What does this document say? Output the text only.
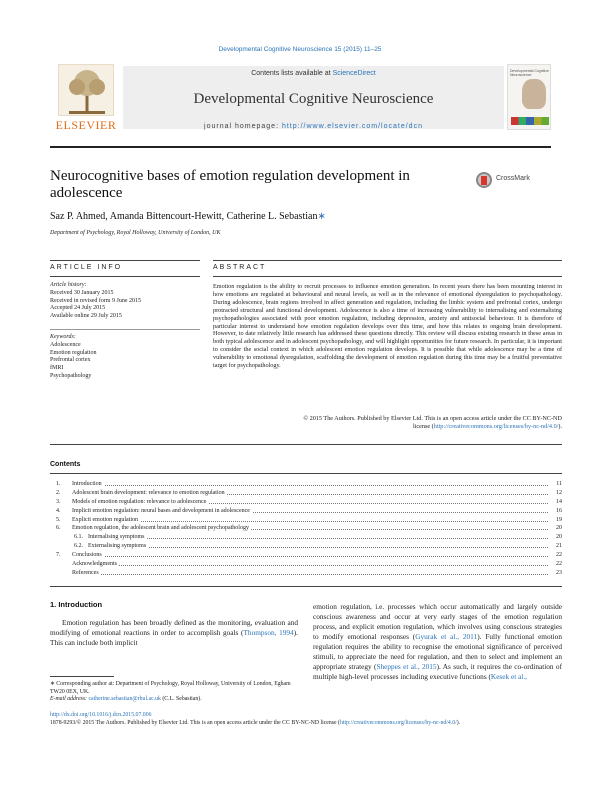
Developmental Cognitive Neuroscience 15 (2015) 11–25
ELSEVIER
Contents lists available at ScienceDirect
Developmental Cognitive Neuroscience
journal homepage: http://www.elsevier.com/locate/dcn
Developmental Cognitive Neuroscience
Neurocognitive bases of emotion regulation development in adolescence
CrossMark
Saz P. Ahmed, Amanda Bittencourt-Hewitt, Catherine L. Sebastian∗
Department of Psychology, Royal Holloway, University of London, UK
ARTICLE INFO	ABSTRACT
Article history:
Received 30 January 2015
Received in revised form 9 June 2015
Accepted 24 July 2015
Available online 29 July 2015
Keywords:
Adolescence
Emotion regulation
Prefrontal cortex
fMRI
Psychopathology
Emotion regulation is the ability to recruit processes to influence emotion generation. In recent years there has been mounting interest in how emotions are regulated at behavioural and neural levels, as well as in the relevance of emotional dysregulation to psychopathology. During adolescence, brain regions involved in affect generation and regulation, including the limbic system and prefrontal cortex, undergo protracted structural and functional development. Adolescence is also a time of increasing vulnerability to internalising and externalising psychopathologies associated with poor emotion regulation, including depression, anxiety and antisocial behaviour. It is therefore of particular interest to understand how emotion regulation develops over this time, and how this relates to ongoing brain development. However, to date relatively little research has addressed these questions directly. This review will discuss existing research in these areas in both typical adolescence and in adolescent psychopathology, and will highlight opportunities for future research. In particular, it is important to consider the social context in which adolescent emotion regulation develops. It is possible that while adolescence may be a time of vulnerability to emotional dysregulation, scaffolding the development of emotion regulation during this time may be a fruitful preventative target for psychopathology.
© 2015 The Authors. Published by Elsevier Ltd. This is an open access article under the CC BY-NC-ND
license (http://creativecommons.org/licenses/by-nc-nd/4.0/).
Contents
1. Introduction	11
2. Adolescent brain development: relevance to emotion regulation	12
3. Models of emotion regulation: relevance to adolescence	14
4. Implicit emotion regulation: neural bases and development in adolescence	16
5. Explicit emotion regulation	19
6. Emotion regulation, the adolescent brain and adolescent psychopathology	20
6.1. Internalising symptoms	20
6.2. Externalising symptoms	21
7. Conclusions	22
Acknowledgments	22
References	23
1. Introduction
Emotion regulation has been broadly defined as the monitoring, evaluation and modifying of emotional reactions in order to accomplish goals (Thompson, 1994). This can include both implicit
emotion regulation, i.e. processes which occur automatically and largely outside conscious awareness and occur at very early stages of the emotion regulation process, and explicit emotion regulation, which involves using conscious strategies to modify emotional responses (Gyurak et al., 2011). Fully functional emotion regulation requires the ability to recognise the emotional significance of perceived stimuli, to appreciate the need for regulation, and then to select and implement an appropriate strategy (Sheppes et al., 2015). As such, it requires the co-ordination of multiple high-level processes including executive functions (Kesek et al.,
∗ Corresponding author at: Department of Psychology, Royal Holloway, University of London, Egham TW20 0EX, UK.
E-mail address: catherine.sebastian@rhul.ac.uk (C.L. Sebastian).
http://dx.doi.org/10.1016/j.dcn.2015.07.006
1878-9293/© 2015 The Authors. Published by Elsevier Ltd. This is an open access article under the CC BY-NC-ND license (http://creativecommons.org/licenses/by-nc-nd/4.0/).
